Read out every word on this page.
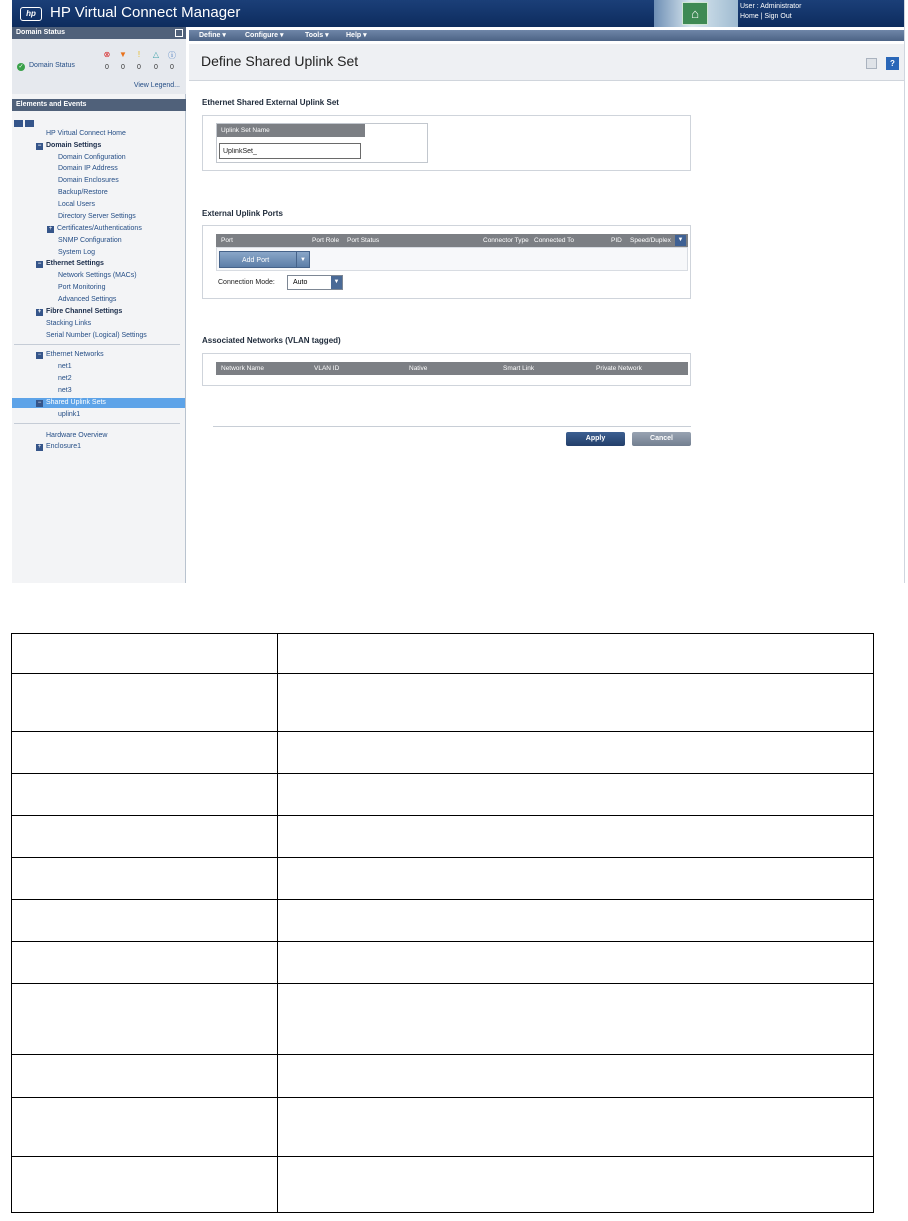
hp HP Virtual Connect Manager	⌂	User : Administrator
Home | Sign Out
Domain Status
⊗ ▼	!	△ ⓘ
✓ Domain Status	0	0	0	0	0
View Legend...
Elements and Events
HP Virtual Connect Home
− Domain Settings
Domain Configuration
Domain IP Address
Domain Enclosures
Backup/Restore
Local Users
Directory Server Settings
+ Certificates/Authentications
SNMP Configuration
System Log
− Ethernet Settings
Network Settings (MACs)
Port Monitoring
Advanced Settings
+ Fibre Channel Settings
Stacking Links
Serial Number (Logical) Settings
− Ethernet Networks
net1
net2
net3
− Shared Uplink Sets
uplink1
Hardware Overview
+ Enclosure1
Define ▾	Configure ▾	Tools ▾ Help ▾
Define Shared Uplink Set	?
Ethernet Shared External Uplink Set
Uplink Set Name
UplinkSet_
External Uplink Ports
Port	Port Role	Port Status	Connector Type Connected To	PID Speed/Duplex	▼
Add Port	▼
Connection Mode:	Auto	▼
Associated Networks (VLAN tagged)
Network Name	VLAN ID	Native	Smart Link	Private Network
Apply	Cancel
